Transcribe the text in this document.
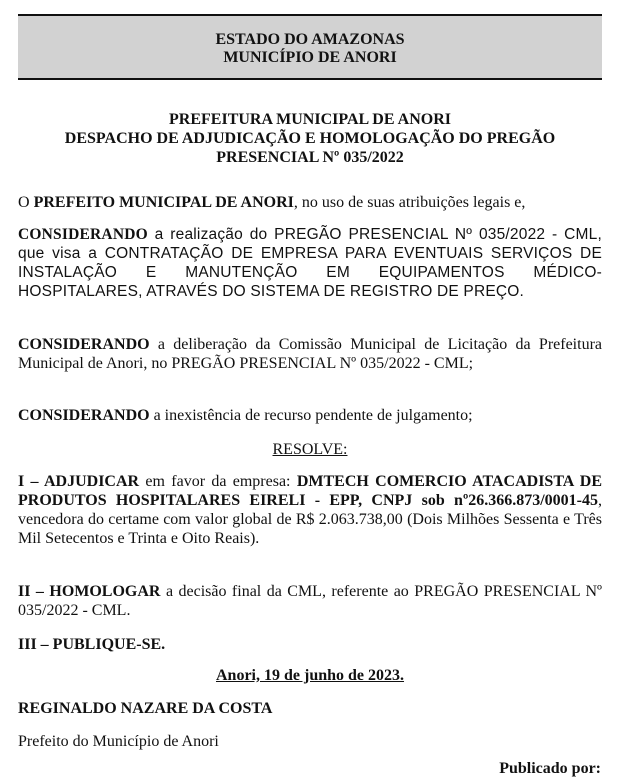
ESTADO DO AMAZONAS
MUNICÍPIO DE ANORI
PREFEITURA MUNICIPAL DE ANORI
DESPACHO DE ADJUDICAÇÃO E HOMOLOGAÇÃO DO PREGÃO
PRESENCIAL Nº 035/2022
O PREFEITO MUNICIPAL DE ANORI, no uso de suas atribuições legais e,
CONSIDERANDO a realização do PREGÃO PRESENCIAL Nº 035/2022 - CML, que visa a CONTRATAÇÃO DE EMPRESA PARA EVENTUAIS SERVIÇOS DE INSTALAÇÃO E MANUTENÇÃO EM EQUIPAMENTOS MÉDICO-HOSPITALARES, ATRAVÉS DO SISTEMA DE REGISTRO DE PREÇO.
CONSIDERANDO a deliberação da Comissão Municipal de Licitação da Prefeitura Municipal de Anori, no PREGÃO PRESENCIAL Nº 035/2022 - CML;
CONSIDERANDO a inexistência de recurso pendente de julgamento;
RESOLVE:
I – ADJUDICAR em favor da empresa: DMTECH COMERCIO ATACADISTA DE PRODUTOS HOSPITALARES EIRELI - EPP, CNPJ sob nº26.366.873/0001-45, vencedora do certame com valor global de R$ 2.063.738,00 (Dois Milhões Sessenta e Três Mil Setecentos e Trinta e Oito Reais).
II – HOMOLOGAR a decisão final da CML, referente ao PREGÃO PRESENCIAL Nº 035/2022 - CML.
III – PUBLIQUE-SE.
Anori, 19 de junho de 2023.
REGINALDO NAZARE DA COSTA
Prefeito do Município de Anori
Publicado por:
